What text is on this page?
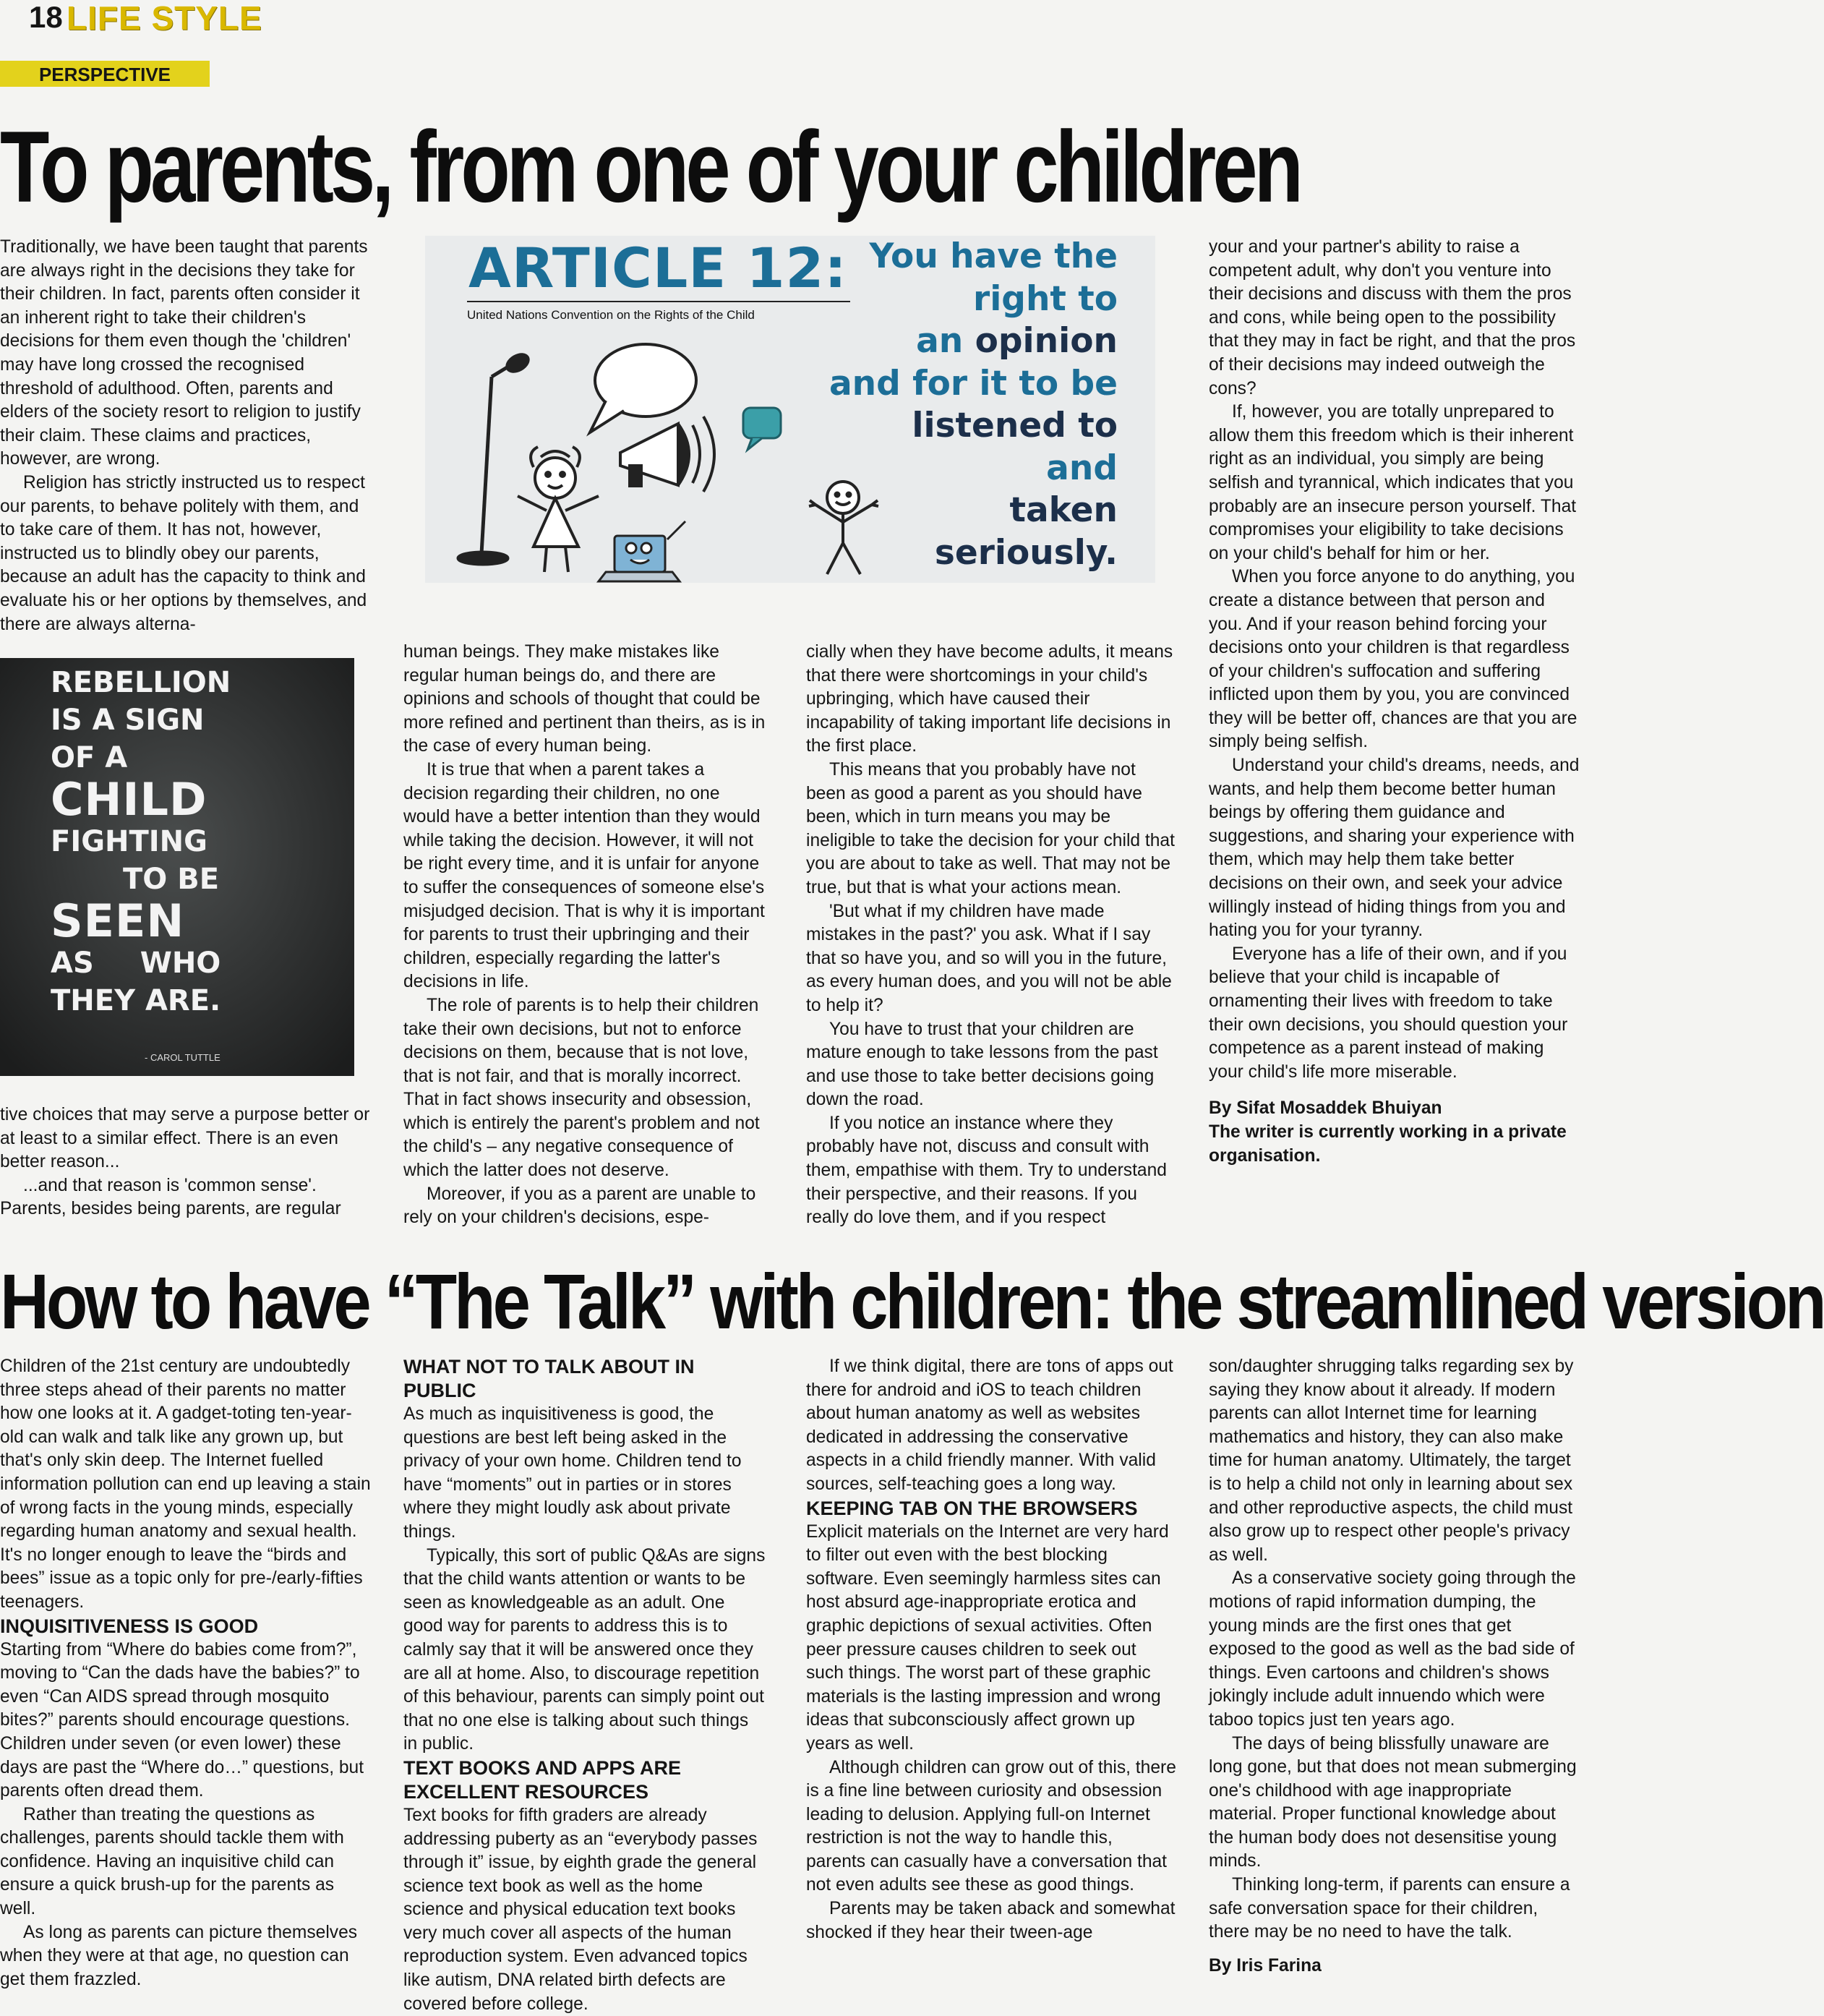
18 LIFE STYLE
PERSPECTIVE
To parents, from one of your children

Traditionally, we have been taught that parents are always right in the decisions they take for their children. In fact, parents often consider it an inherent right to take their children's decisions for them even though the 'children' may have long crossed the recognised threshold of adulthood. Often, parents and elders of the society resort to religion to justify their claim. These claims and practices, however, are wrong.

Religion has strictly instructed us to respect our parents, to behave politely with them, and to take care of them. It has not, however, instructed us to blindly obey our parents, because an adult has the capacity to think and evaluate his or her options by themselves, and there are always alterna-

REBELLION
IS A SIGN
OF A
CHILD
FIGHTING
TO BE
SEEN
AS WHO
THEY ARE.
- CAROL TUTTLE

tive choices that may serve a purpose better or at least to a similar effect. There is an even better reason...

...and that reason is 'common sense'. Parents, besides being parents, are regular

ARTICLE 12:
United Nations Convention on the Rights of the Child
You have the
right to
an opinion
and for it to be
listened to
and
taken
seriously.

human beings. They make mistakes like regular human beings do, and there are opinions and schools of thought that could be more refined and pertinent than theirs, as is in the case of every human being.

It is true that when a parent takes a decision regarding their children, no one would have a better intention than they would while taking the decision. However, it will not be right every time, and it is unfair for anyone to suffer the consequences of someone else's misjudged decision. That is why it is important for parents to trust their upbringing and their children, especially regarding the latter's decisions in life.

The role of parents is to help their children take their own decisions, but not to enforce decisions on them, because that is not love, that is not fair, and that is morally incorrect. That in fact shows insecurity and obsession, which is entirely the parent's problem and not the child's – any negative consequence of which the latter does not deserve.

Moreover, if you as a parent are unable to rely on your children's decisions, espe-

cially when they have become adults, it means that there were shortcomings in your child's upbringing, which have caused their incapability of taking important life decisions in the first place.

This means that you probably have not been as good a parent as you should have been, which in turn means you may be ineligible to take the decision for your child that you are about to take as well. That may not be true, but that is what your actions mean.

'But what if my children have made mistakes in the past?' you ask. What if I say that so have you, and so will you in the future, as every human does, and you will not be able to help it?

You have to trust that your children are mature enough to take lessons from the past and use those to take better decisions going down the road.

If you notice an instance where they probably have not, discuss and consult with them, empathise with them. Try to understand their perspective, and their reasons. If you really do love them, and if you respect

your and your partner's ability to raise a competent adult, why don't you venture into their decisions and discuss with them the pros and cons, while being open to the possibility that they may in fact be right, and that the pros of their decisions may indeed outweigh the cons?

If, however, you are totally unprepared to allow them this freedom which is their inherent right as an individual, you simply are being selfish and tyrannical, which indicates that you probably are an insecure person yourself. That compromises your eligibility to take decisions on your child's behalf for him or her.

When you force anyone to do anything, you create a distance between that person and you. And if your reason behind forcing your decisions onto your children is that regardless of your children's suffocation and suffering inflicted upon them by you, you are convinced they will be better off, chances are that you are simply being selfish.

Understand your child's dreams, needs, and wants, and help them become better human beings by offering them guidance and suggestions, and sharing your experience with them, which may help them take better decisions on their own, and seek your advice willingly instead of hiding things from you and hating you for your tyranny.

Everyone has a life of their own, and if you believe that your child is incapable of ornamenting their lives with freedom to take their own decisions, you should question your competence as a parent instead of making your child's life more miserable.

By Sifat Mosaddek Bhuiyan

The writer is currently working in a private organisation.

How to have “The Talk” with children: the streamlined version

Children of the 21st century are undoubtedly three steps ahead of their parents no matter how one looks at it. A gadget-toting ten-year-old can walk and talk like any grown up, but that's only skin deep. The Internet fuelled information pollution can end up leaving a stain of wrong facts in the young minds, especially regarding human anatomy and sexual health. It's no longer enough to leave the “birds and bees” issue as a topic only for pre-/early-fifties teenagers.

INQUISITIVENESS IS GOOD

Starting from “Where do babies come from?”, moving to “Can the dads have the babies?” to even “Can AIDS spread through mosquito bites?” parents should encourage questions. Children under seven (or even lower) these days are past the “Where do…” questions, but parents often dread them.

Rather than treating the questions as challenges, parents should tackle them with confidence. Having an inquisitive child can ensure a quick brush-up for the parents as well.

As long as parents can picture themselves when they were at that age, no question can get them frazzled.

WHAT NOT TO TALK ABOUT IN PUBLIC

As much as inquisitiveness is good, the questions are best left being asked in the privacy of your own home. Children tend to have “moments” out in parties or in stores where they might loudly ask about private things.

Typically, this sort of public Q&As are signs that the child wants attention or wants to be seen as knowledgeable as an adult. One good way for parents to address this is to calmly say that it will be answered once they are all at home. Also, to discourage repetition of this behaviour, parents can simply point out that no one else is talking about such things in public.

TEXT BOOKS AND APPS ARE EXCELLENT RESOURCES

Text books for fifth graders are already addressing puberty as an “everybody passes through it” issue, by eighth grade the general science text book as well as the home science and physical education text books very much cover all aspects of the human reproduction system. Even advanced topics like autism, DNA related birth defects are covered before college.

If we think digital, there are tons of apps out there for android and iOS to teach children about human anatomy as well as websites dedicated in addressing the conservative aspects in a child friendly manner. With valid sources, self-teaching goes a long way.

KEEPING TAB ON THE BROWSERS

Explicit materials on the Internet are very hard to filter out even with the best blocking software. Even seemingly harmless sites can host absurd age-inappropriate erotica and graphic depictions of sexual activities. Often peer pressure causes children to seek out such things. The worst part of these graphic materials is the lasting impression and wrong ideas that subconsciously affect grown up years as well.

Although children can grow out of this, there is a fine line between curiosity and obsession leading to delusion. Applying full-on Internet restriction is not the way to handle this, parents can casually have a conversation that not even adults see these as good things.

Parents may be taken aback and somewhat shocked if they hear their tween-age

son/daughter shrugging talks regarding sex by saying they know about it already. If modern parents can allot Internet time for learning mathematics and history, they can also make time for human anatomy. Ultimately, the target is to help a child not only in learning about sex and other reproductive aspects, the child must also grow up to respect other people's privacy as well.

As a conservative society going through the motions of rapid information dumping, the young minds are the first ones that get exposed to the good as well as the bad side of things. Even cartoons and children's shows jokingly include adult innuendo which were taboo topics just ten years ago.

The days of being blissfully unaware are long gone, but that does not mean submerging one's childhood with age inappropriate material. Proper functional knowledge about the human body does not desensitise young minds.

Thinking long-term, if parents can ensure a safe conversation space for their children, there may be no need to have the talk.

By Iris Farina
